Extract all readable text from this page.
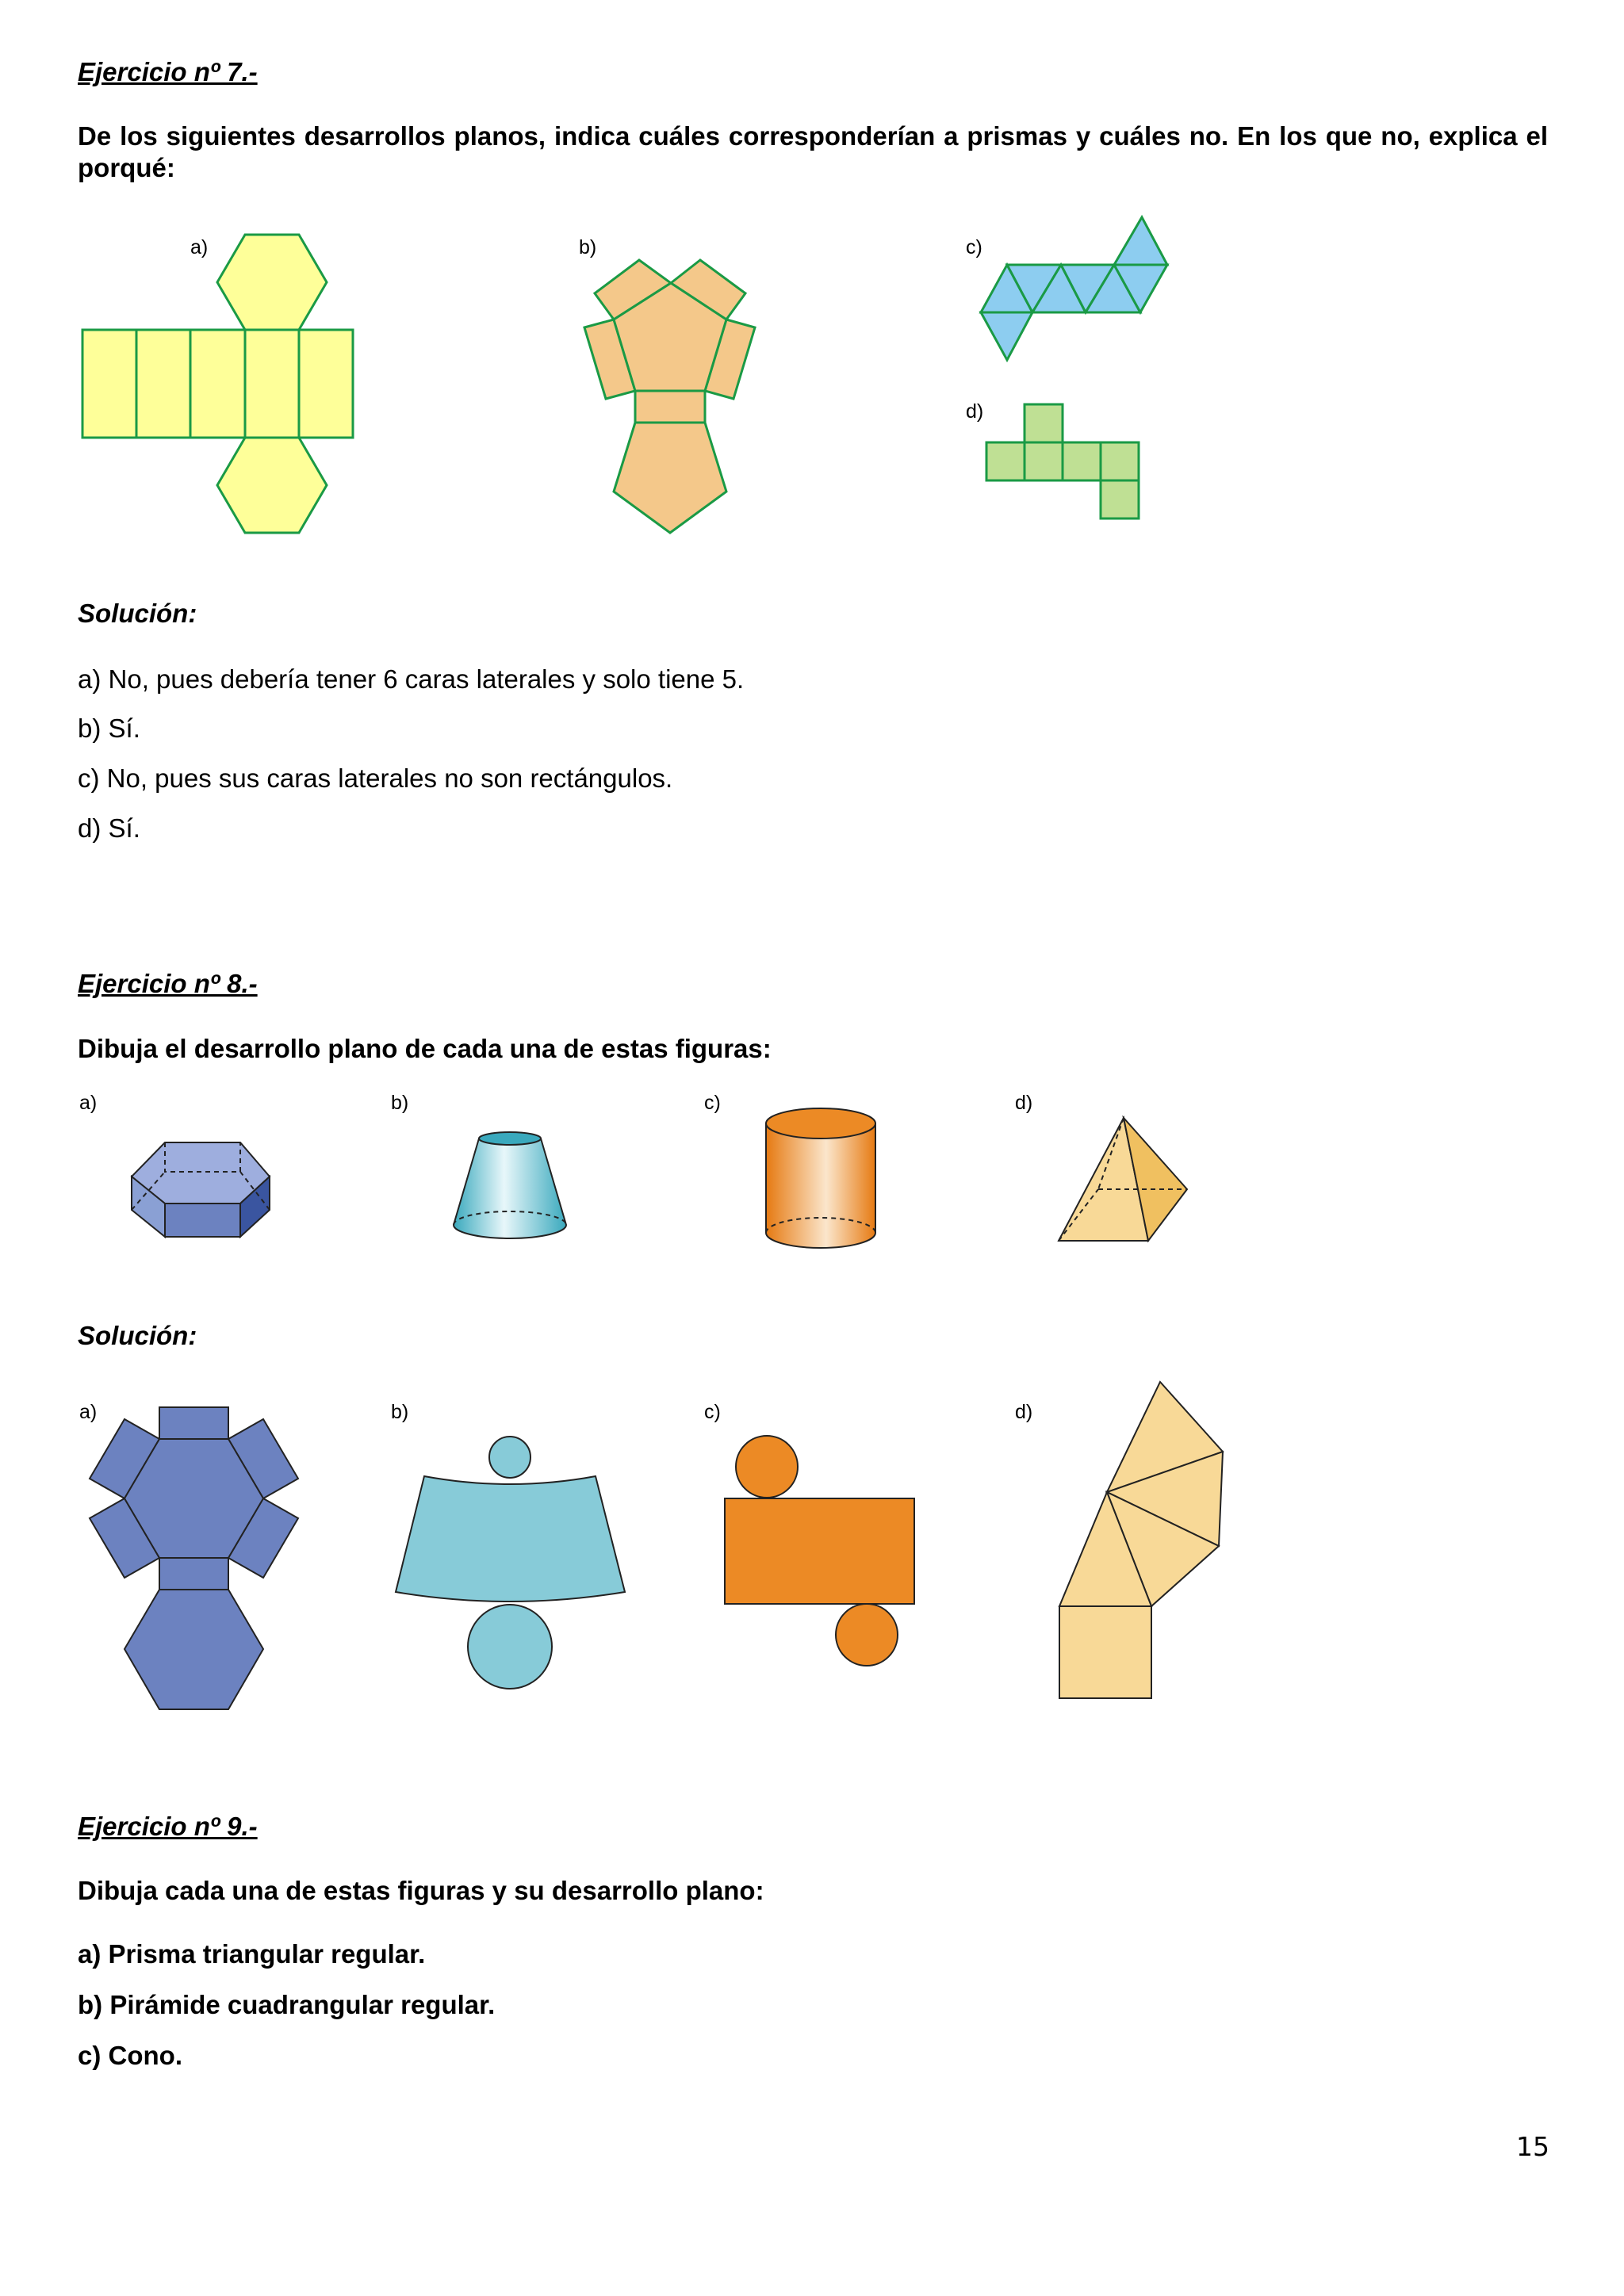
Ejercicio nº 7.-

De los siguientes desarrollos planos, indica cuáles corresponderían a prismas y cuáles no. En los que no, explica el porqué:

a)	b)	c)
d)

Solución:

a) No, pues debería tener 6 caras laterales y solo tiene 5.

b) Sí.

c) No, pues sus caras laterales no son rectángulos.

d) Sí.

Ejercicio nº 8.-

Dibuja el desarrollo plano de cada una de estas figuras:

a)	b)	c)	d)

Solución:

a)	b)	c)	d)

Ejercicio nº 9.-

Dibuja cada una de estas figuras y su desarrollo plano:

a) Prisma triangular regular.

b) Pirámide cuadrangular regular.

c) Cono.

15
